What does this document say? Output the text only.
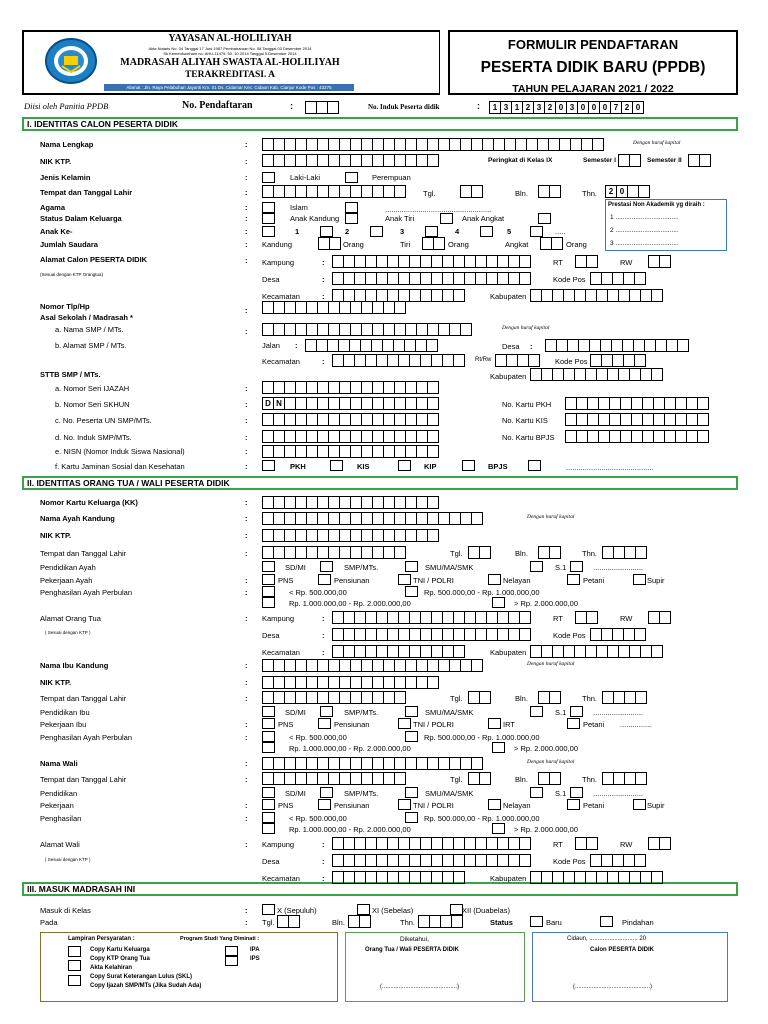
YAYASAN AL-HOLILIYAH
Akta Notaris No. 04 Tanggal 17 Juni 1987 Pembaharuan No. 08 Tanggal 03 Desember 2014
Sk Kemenkumham no. AHU-11475. 50. 10 2014 Tanggal 5 Desember 2014
MADRASAH ALIYAH SWASTA AL-HOLILIYAH
TERAKREDITASI. A
Alamat : Jln. Raya Pelabuhan Jayanti Km. 01 Ds. Cidamar Kec. Cidaun Kab. Cianjur Kode Pos : 43275
FORMULIR PENDAFTARAN
PESERTA DIDIK BARU (PPDB)
TAHUN PELAJARAN 2021 / 2022
Diisi oleh Panitia PPDB	No. Pendaftaran	:	No. Induk Peserta didik	:	1 3 1 2 3 2 0 3 0 0 0 7 2 0
I. IDENTITAS CALON PESERTA DIDIK
II. IDENTITAS ORANG TUA / WALI PESERTA DIDIK
III. MASUK MADRASAH INI
Nama Lengkap	:	Dengan huruf kapital
NIK KTP.	:	Peringkat di Kelas IX	Semester I	Semester II
Jenis Kelamin	:	Laki-Laki	Perempuan
Tempat dan Tanggal Lahir	:	Tgl.	Bln.	Thn.	2 0
Agama	:	Islam	...................................................	Prestasi Non Akademik yg diraih :
1 ...................................
2 ...................................
3 ...................................
Status Dalam Keluarga	:	Anak Kandung	Anak Tiri	Anak Angkat
Anak Ke-	:	1	2	3	4	5	.....
Jumlah Saudara	: Kandung	Orang	Tiri	Orang	Angkat	Orang
Alamat Calon PESERTA DIDIK	:
(Sesuai dengan KTP Orangtua)
Kampung	:	RT	RW
Desa	:	Kode Pos
Kecamatan	:	Kabupaten
Nomor Tlp/Hp	:
Asal Sekolah / Madrasah *
a. Nama SMP / MTs.	:	Dengan huruf kapital
b. Alamat SMP / MTs.	Jalan :	Desa :
Kecamatan	:	Rt/Rw	Kode Pos
STTB SMP / MTs.	Kabupaten
a. Nomor Seri IJAZAH	:
b. Nomor Seri SKHUN	:	D N	No. Kartu PKH
c. No. Peserta UN SMP/MTs.	:	No. Kartu KIS
d. No. Induk SMP/MTs.	:	No. Kartu BPJS
e. NISN (Nomor Induk Siswa Nasional)	:
f. Kartu Jaminan Sosial dan Kesehatan	:	PKH	KIS	KIP	BPJS	..........................................
Nomor Kartu Keluarga (KK)	:
Nama Ayah Kandung	:	Dengan huruf kapital
NIK KTP.	:
Tempat dan Tanggal Lahir	:	Tgl.	Bln.	Thn.
Pendidikan Ayah	SD/MI	SMP/MTs.	SMU/MA/SMK	S.1	........................
Pekerjaan Ayah	:	PNS	Pensiunan	TNI / POLRI	Nelayan	Petani	Supir
Penghasilan Ayah Perbulan	:	< Rp. 500.000,00	Rp. 500.000,00 - Rp. 1.000.000,00
Rp. 1.000.000,00 - Rp. 2.000.000,00	> Rp. 2.000.000,00
Alamat Orang Tua	:
( Sesuai dengan KTP )
Kampung	:	RT	RW
Desa	:	Kode Pos
Kecamatan	:	Kabupaten
Nama Ibu Kandung	:	Dengan huruf kapital
NIK KTP.	:
Tempat dan Tanggal Lahir	:	Tgl.	Bln.	Thn.
Pendidikan Ibu	SD/MI	SMP/MTs.	SMU/MA/SMK	S.1	........................
Pekerjaan Ibu	:	PNS	Pensiunan	TNI / POLRI	IRT	Petani ...............
Penghasilan Ayah Perbulan	:	< Rp. 500.000,00	Rp. 500.000,00 - Rp. 1.000.000,00
Rp. 1.000.000,00 - Rp. 2.000.000,00	> Rp. 2.000.000,00
Nama Wali	:	Dengan huruf kapital
Tempat dan Tanggal Lahir	:	Tgl.	Bln.	Thn.
Pendidikan	SD/MI	SMP/MTs.	SMU/MA/SMK	S.1	........................
Pekerjaan	:	PNS	Pensiunan	TNI / POLRI	Nelayan	Petani	Supir
Penghasilan	:	< Rp. 500.000,00	Rp. 500.000,00 - Rp. 1.000.000,00
Rp. 1.000.000,00 - Rp. 2.000.000,00	> Rp. 2.000.000,00
Alamat Wali	:
( Sesuai dengan KTP )
Kampung	:	RT	RW
Desa	:	Kode Pos
Kecamatan	:	Kabupaten
Masuk di Kelas	:	X (Sepuluh)	XI (Sebelas)	XII (Duabelas)
Pada	: Tgl.	Bln.	Thn.	Status	Baru	Pindahan
Lampiran Persyaratan :	Program Studi Yang Diminati :
Copy Kartu Keluarga
Copy KTP Orang Tua
Akta Kelahiran
Copy Surat Keterangan Lulus (SKL)
Copy Ijazah SMP/MTs (Jika Sudah Ada)
IPA
IPS
Diketahui,
Orang Tua / Wali PESERTA DIDIK
(.............................................)
Cidaun, ............................. 20
Calon PESERTA DIDIK
(.............................................)
